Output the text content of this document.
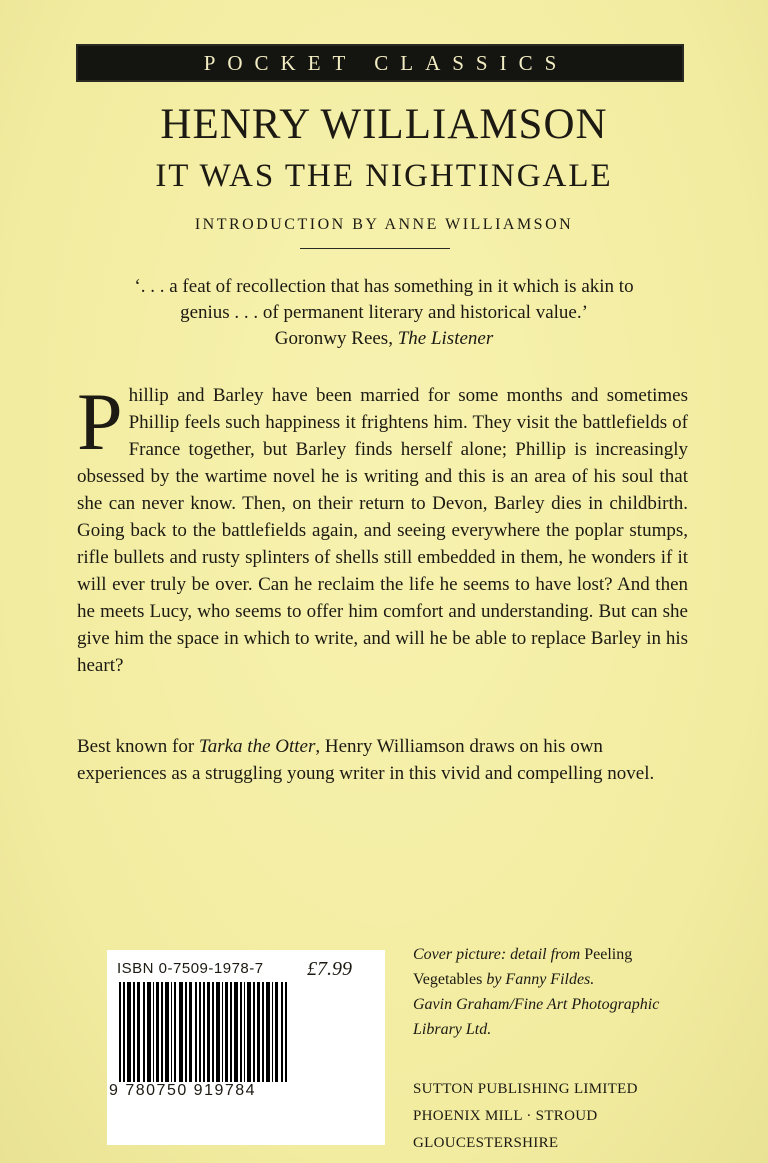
POCKET CLASSICS
HENRY WILLIAMSON
IT WAS THE NIGHTINGALE
INTRODUCTION BY ANNE WILLIAMSON
‘. . . a feat of recollection that has something in it which is akin to
genius . . . of permanent literary and historical value.’
Goronwy Rees, The Listener

Phillip and Barley have been married for some months and sometimes Phillip feels such happiness it frightens him. They visit the battlefields of France together, but Barley finds herself alone; Phillip is increasingly obsessed by the wartime novel he is writing and this is an area of his soul that she can never know. Then, on their return to Devon, Barley dies in childbirth. Going back to the battlefields again, and seeing everywhere the poplar stumps, rifle bullets and rusty splinters of shells still embedded in them, he wonders if it will ever truly be over. Can he reclaim the life he seems to have lost? And then he meets Lucy, who seems to offer him comfort and understanding. But can she give him the space in which to write, and will he be able to replace Barley in his heart?

Best known for Tarka the Otter, Henry Williamson draws on his own experiences as a struggling young writer in this vivid and compelling novel.

ISBN 0-7509-1978-7 £7.99
9 780750 919784
Cover picture: detail from Peeling
Vegetables by Fanny Fildes.
Gavin Graham/Fine Art Photographic
Library Ltd.
SUTTON PUBLISHING LIMITED
PHOENIX MILL · STROUD
GLOUCESTERSHIRE
